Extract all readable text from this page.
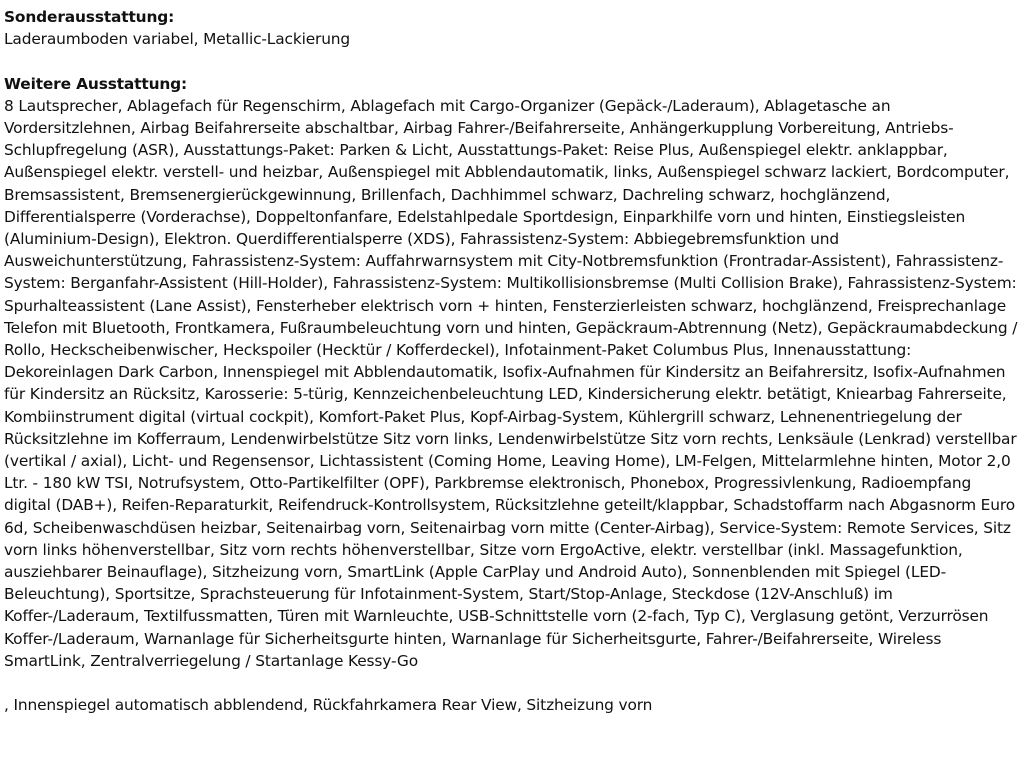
Sonderausstattung:

Laderaumboden variabel, Metallic-Lackierung

Weitere Ausstattung:

8 Lautsprecher, Ablagefach für Regenschirm, Ablagefach mit Cargo-Organizer (Gepäck-/Laderaum), Ablagetasche an Vordersitzlehnen, Airbag Beifahrerseite abschaltbar, Airbag Fahrer-/Beifahrerseite, Anhängerkupplung Vorbereitung, Antriebs-Schlupfregelung (ASR), Ausstattungs-Paket: Parken & Licht, Ausstattungs-Paket: Reise Plus, Außenspiegel elektr. anklappbar, Außenspiegel elektr. verstell- und heizbar, Außenspiegel mit Abblendautomatik, links, Außenspiegel schwarz lackiert, Bordcomputer, Bremsassistent, Bremsenergierückgewinnung, Brillenfach, Dachhimmel schwarz, Dachreling schwarz, hochglänzend, Differentialsperre (Vorderachse), Doppeltonfanfare, Edelstahlpedale Sportdesign, Einparkhilfe vorn und hinten, Einstiegsleisten (Aluminium-Design), Elektron. Querdifferentialsperre (XDS), Fahrassistenz-System: Abbiegebremsfunktion und Ausweichunterstützung, Fahrassistenz-System: Auffahrwarnsystem mit City-Notbremsfunktion (Frontradar-Assistent), Fahrassistenz-System: Berganfahr-Assistent (Hill-Holder), Fahrassistenz-System: Multikollisionsbremse (Multi Collision Brake), Fahrassistenz-System: Spurhalteassistent (Lane Assist), Fensterheber elektrisch vorn + hinten, Fensterzierleisten schwarz, hochglänzend, Freisprechanlage Telefon mit Bluetooth, Frontkamera, Fußraumbeleuchtung vorn und hinten, Gepäckraum-Abtrennung (Netz), Gepäckraumabdeckung / Rollo, Heckscheibenwischer, Heckspoiler (Hecktür / Kofferdeckel), Infotainment-Paket Columbus Plus, Innenausstattung: Dekoreinlagen Dark Carbon, Innenspiegel mit Abblendautomatik, Isofix-Aufnahmen für Kindersitz an Beifahrersitz, Isofix-Aufnahmen für Kindersitz an Rücksitz, Karosserie: 5-türig, Kennzeichenbeleuchtung LED, Kindersicherung elektr. betätigt, Kniearbag Fahrerseite, Kombiinstrument digital (virtual cockpit), Komfort-Paket Plus, Kopf-Airbag-System, Kühlergrill schwarz, Lehnenentriegelung der Rücksitzlehne im Kofferraum, Lendenwirbelstütze Sitz vorn links, Lendenwirbelstütze Sitz vorn rechts, Lenksäule (Lenkrad) verstellbar (vertikal / axial), Licht- und Regensensor, Lichtassistent (Coming Home, Leaving Home), LM-Felgen, Mittelarmlehne hinten, Motor 2,0 Ltr. - 180 kW TSI, Notrufsystem, Otto-Partikelfilter (OPF), Parkbremse elektronisch, Phonebox, Progressivlenkung, Radioempfang digital (DAB+), Reifen-Reparaturkit, Reifendruck-Kontrollsystem, Rücksitzlehne geteilt/klappbar, Schadstoffarm nach Abgasnorm Euro 6d, Scheibenwaschdüsen heizbar, Seitenairbag vorn, Seitenairbag vorn mitte (Center-Airbag), Service-System: Remote Services, Sitz vorn links höhenverstellbar, Sitz vorn rechts höhenverstellbar, Sitze vorn ErgoActive, elektr. verstellbar (inkl. Massagefunktion, ausziehbarer Beinauflage), Sitzheizung vorn, SmartLink (Apple CarPlay und Android Auto), Sonnenblenden mit Spiegel (LED-Beleuchtung), Sportsitze, Sprachsteuerung für Infotainment-System, Start/Stop-Anlage, Steckdose (12V-Anschluß) im Koffer-/Laderaum, Textilfussmatten, Türen mit Warnleuchte, USB-Schnittstelle vorn (2-fach, Typ C), Verglasung getönt, Verzurrösen Koffer-/Laderaum, Warnanlage für Sicherheitsgurte hinten, Warnanlage für Sicherheitsgurte, Fahrer-/Beifahrerseite, Wireless SmartLink, Zentralverriegelung / Startanlage Kessy-Go

, Innenspiegel automatisch abblendend, Rückfahrkamera Rear View, Sitzheizung vorn
